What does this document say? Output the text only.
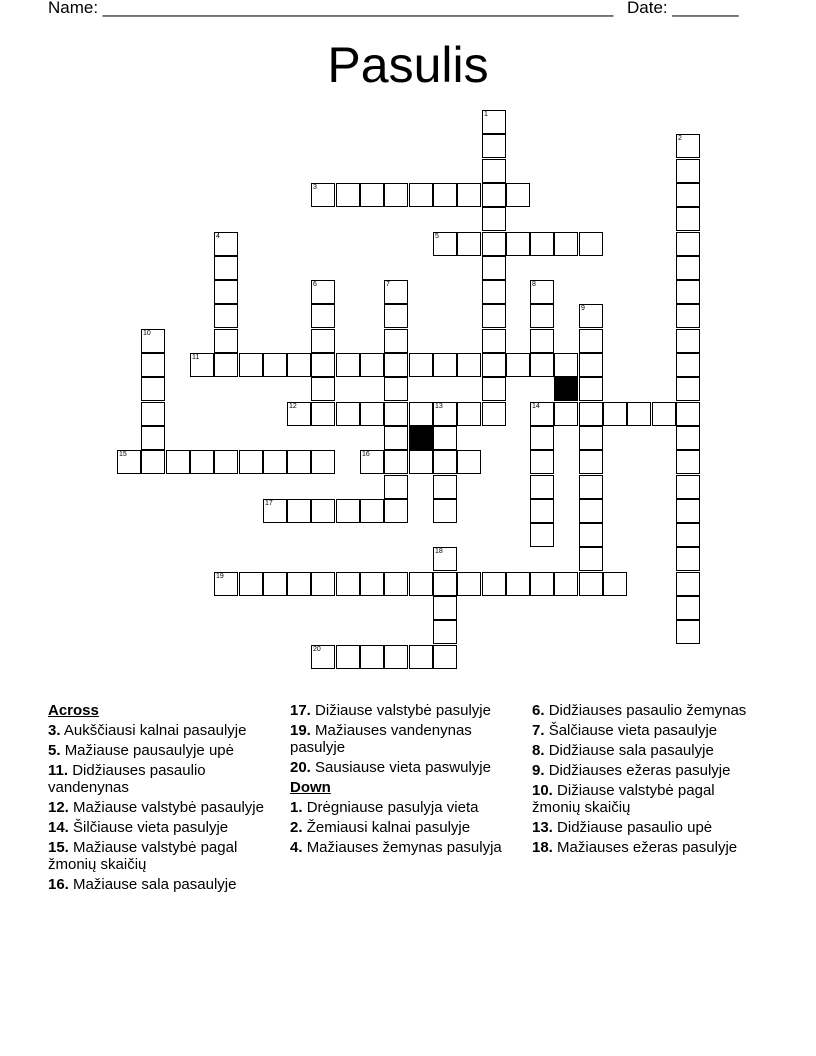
Name: ______________________________________________________ Date: _______
Pasulis
1
2
3
4	5
6	7	8
9
10
11
12	13	14
15	16
17
18
19
20
Across
3. Aukščiausi kalnai pasaulyje
5. Mažiause pausaulyje upė
11. Didžiauses pasaulio vandenynas
12. Mažiause valstybė pasaulyje
14. Šilčiause vieta pasulyje
15. Mažiause valstybė pagal žmonių skaičių
16. Mažiause sala pasaulyje
17. Dižiause valstybė pasulyje
19. Mažiauses vandenynas pasulyje
20. Sausiause vieta paswulyje
Down
1. Drėgniause pasulyja vieta
2. Žemiausi kalnai pasulyje
4. Mažiauses žemynas pasulyja
6. Didžiauses pasaulio žemynas
7. Šalčiause vieta pasaulyje
8. Didžiause sala pasaulyje
9. Didžiauses ežeras pasulyje
10. Dižiause valstybė pagal žmonių skaičių
13. Didžiause pasaulio upė
18. Mažiauses ežeras pasulyje
